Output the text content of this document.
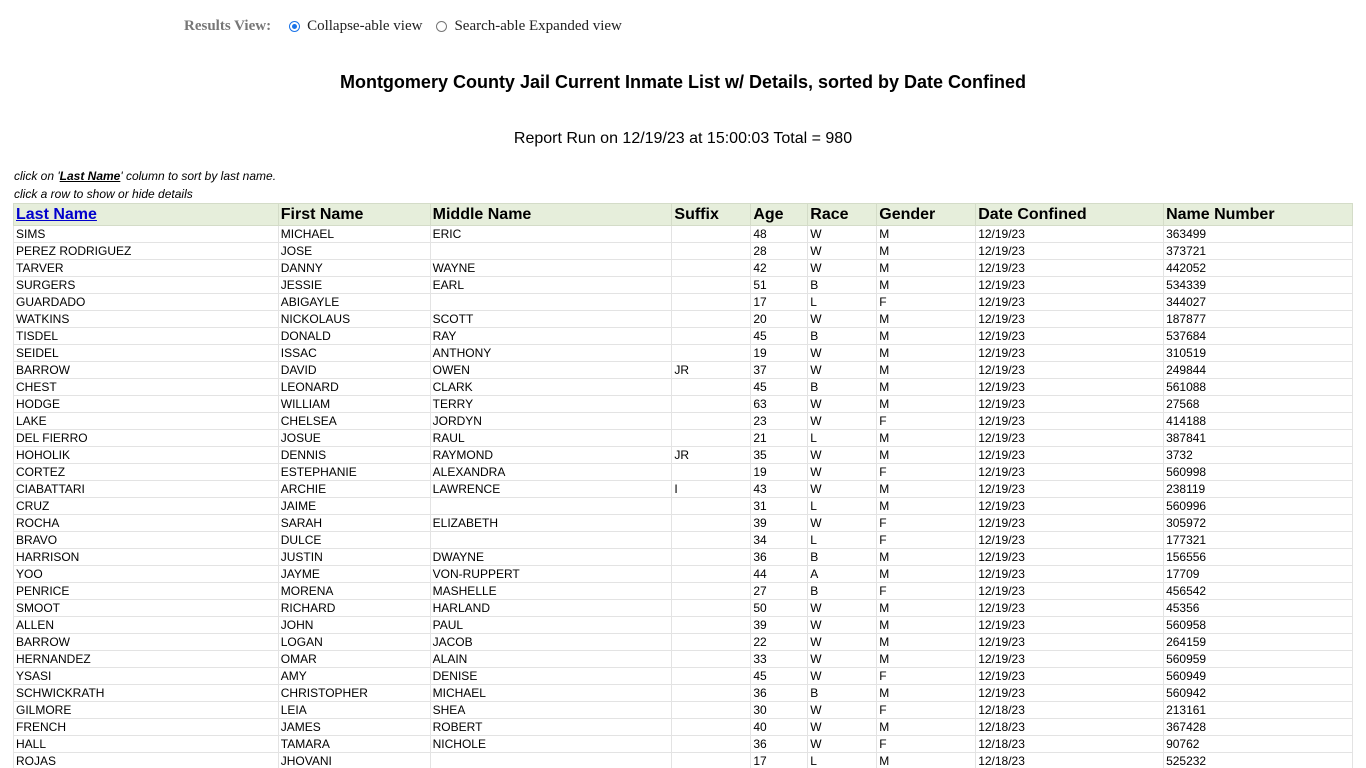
Results View: Collapse-able view Search-able Expanded view
Montgomery County Jail Current Inmate List w/ Details, sorted by Date Confined
Report Run on 12/19/23 at 15:00:03 Total = 980
click on 'Last Name' column to sort by last name.
click a row to show or hide details
Last Name	First Name	Middle Name	Suffix	Age	Race	Gender	Date Confined	Name Number
SIMS	MICHAEL	ERIC		48	W	M	12/19/23	363499
PEREZ RODRIGUEZ	JOSE			28	W	M	12/19/23	373721
TARVER	DANNY	WAYNE		42	W	M	12/19/23	442052
SURGERS	JESSIE	EARL		51	B	M	12/19/23	534339
GUARDADO	ABIGAYLE			17	L	F	12/19/23	344027
WATKINS	NICKOLAUS	SCOTT		20	W	M	12/19/23	187877
TISDEL	DONALD	RAY		45	B	M	12/19/23	537684
SEIDEL	ISSAC	ANTHONY		19	W	M	12/19/23	310519
BARROW	DAVID	OWEN	JR	37	W	M	12/19/23	249844
CHEST	LEONARD	CLARK		45	B	M	12/19/23	561088
HODGE	WILLIAM	TERRY		63	W	M	12/19/23	27568
LAKE	CHELSEA	JORDYN		23	W	F	12/19/23	414188
DEL FIERRO	JOSUE	RAUL		21	L	M	12/19/23	387841
HOHOLIK	DENNIS	RAYMOND	JR	35	W	M	12/19/23	3732
CORTEZ	ESTEPHANIE	ALEXANDRA		19	W	F	12/19/23	560998
CIABATTARI	ARCHIE	LAWRENCE	I	43	W	M	12/19/23	238119
CRUZ	JAIME			31	L	M	12/19/23	560996
ROCHA	SARAH	ELIZABETH		39	W	F	12/19/23	305972
BRAVO	DULCE			34	L	F	12/19/23	177321
HARRISON	JUSTIN	DWAYNE		36	B	M	12/19/23	156556
YOO	JAYME	VON-RUPPERT		44	A	M	12/19/23	17709
PENRICE	MORENA	MASHELLE		27	B	F	12/19/23	456542
SMOOT	RICHARD	HARLAND		50	W	M	12/19/23	45356
ALLEN	JOHN	PAUL		39	W	M	12/19/23	560958
BARROW	LOGAN	JACOB		22	W	M	12/19/23	264159
HERNANDEZ	OMAR	ALAIN		33	W	M	12/19/23	560959
YSASI	AMY	DENISE		45	W	F	12/19/23	560949
SCHWICKRATH	CHRISTOPHER	MICHAEL		36	B	M	12/19/23	560942
GILMORE	LEIA	SHEA		30	W	F	12/18/23	213161
FRENCH	JAMES	ROBERT		40	W	M	12/18/23	367428
HALL	TAMARA	NICHOLE		36	W	F	12/18/23	90762
ROJAS	JHOVANI			17	L	M	12/18/23	525232
